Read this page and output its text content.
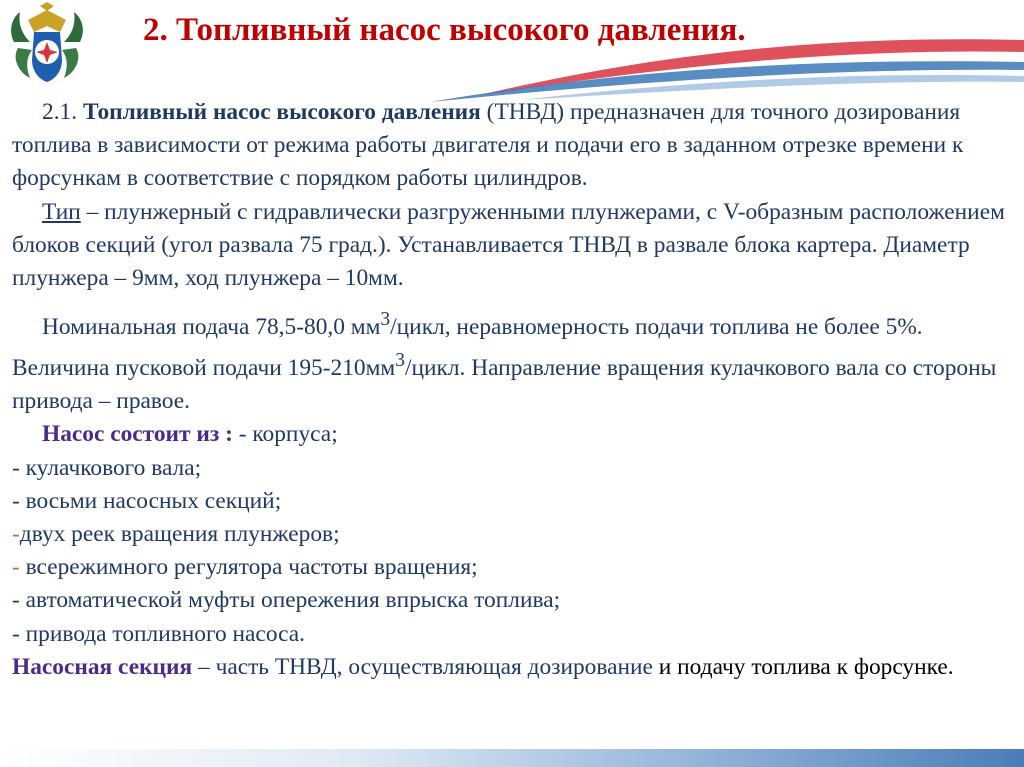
2. Топливный насос высокого давления.

2.1. Топливный насос высокого давления (ТНВД) предназначен для точного дозирования топлива в зависимости от режима работы двигателя и подачи его в заданном отрезке времени к форсункам в соответствие с порядком работы цилиндров.

Тип – плунжерный с гидравлически разгруженными плунжерами, с V-образным расположением блоков секций (угол развала 75 град.). Устанавливается ТНВД в развале блока картера. Диаметр плунжера – 9мм, ход плунжера – 10мм.

Номинальная подача 78,5-80,0 $мм^3$/цикл, неравномерность подачи топлива не более 5%. Величина пусковой подачи $195-210мм^3$/цикл. Направление вращения кулачкового вала со стороны привода – правое.

Насос состоит из : - корпуса;

- кулачкового вала;

- восьми насосных секций;

-двух реек вращения плунжеров;

- всережимного регулятора частоты вращения;

- автоматической муфты опережения впрыска топлива;

- привода топливного насоса.

Насосная секция – часть ТНВД, осуществляющая дозирование и подачу топлива к форсунке.
